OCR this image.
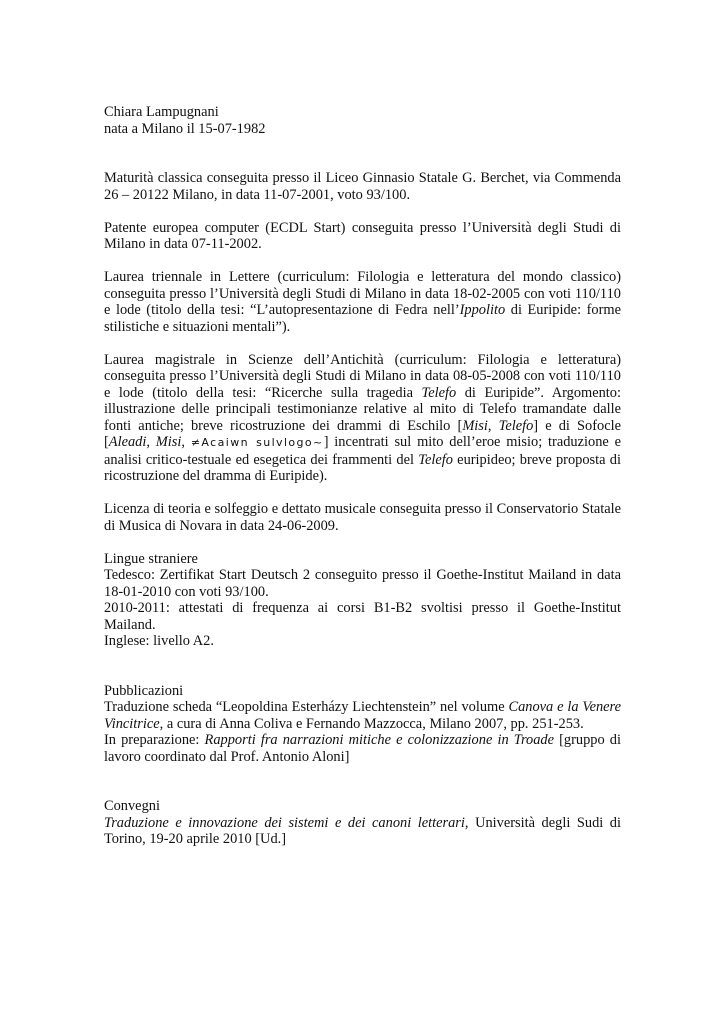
Chiara Lampugnani

nata a Milano il 15-07-1982

Maturità classica conseguita presso il Liceo Ginnasio Statale G. Berchet, via Commenda 26 – 20122 Milano, in data 11-07-2001, voto 93/100.

Patente europea computer (ECDL Start) conseguita presso l’Università degli Studi di Milano in data 07-11-2002.

Laurea triennale in Lettere (curriculum: Filologia e letteratura del mondo classico) conseguita presso l’Università degli Studi di Milano in data 18-02-2005 con voti 110/110 e lode (titolo della tesi: “L’autopresentazione di Fedra nell’Ippolito di Euripide: forme stilistiche e situazioni mentali”).

Laurea magistrale in Scienze dell’Antichità (curriculum: Filologia e letteratura) conseguita presso l’Università degli Studi di Milano in data 08-05-2008 con voti 110/110 e lode (titolo della tesi: “Ricerche sulla tragedia Telefo di Euripide”. Argomento: illustrazione delle principali testimonianze relative al mito di Telefo tramandate dalle fonti antiche; breve ricostruzione dei drammi di Eschilo [Misi, Telefo] e di Sofocle [Aleadi, Misi, ≠Acaiwn sulvlogo~] incentrati sul mito dell’eroe misio; traduzione e analisi critico-testuale ed esegetica dei frammenti del Telefo euripideo; breve proposta di ricostruzione del dramma di Euripide).

Licenza di teoria e solfeggio e dettato musicale conseguita presso il Conservatorio Statale di Musica di Novara in data 24-06-2009.

Lingue straniere

Tedesco: Zertifikat Start Deutsch 2 conseguito presso il Goethe-Institut Mailand in data 18-01-2010 con voti 93/100.

2010-2011: attestati di frequenza ai corsi B1-B2 svoltisi presso il Goethe-Institut Mailand.

Inglese: livello A2.

Pubblicazioni

Traduzione scheda “Leopoldina Esterházy Liechtenstein” nel volume Canova e la Venere Vincitrice, a cura di Anna Coliva e Fernando Mazzocca, Milano 2007, pp. 251-253.

In preparazione: Rapporti fra narrazioni mitiche e colonizzazione in Troade [gruppo di lavoro coordinato dal Prof. Antonio Aloni]

Convegni

Traduzione e innovazione dei sistemi e dei canoni letterari, Università degli Sudi di Torino, 19-20 aprile 2010 [Ud.]
